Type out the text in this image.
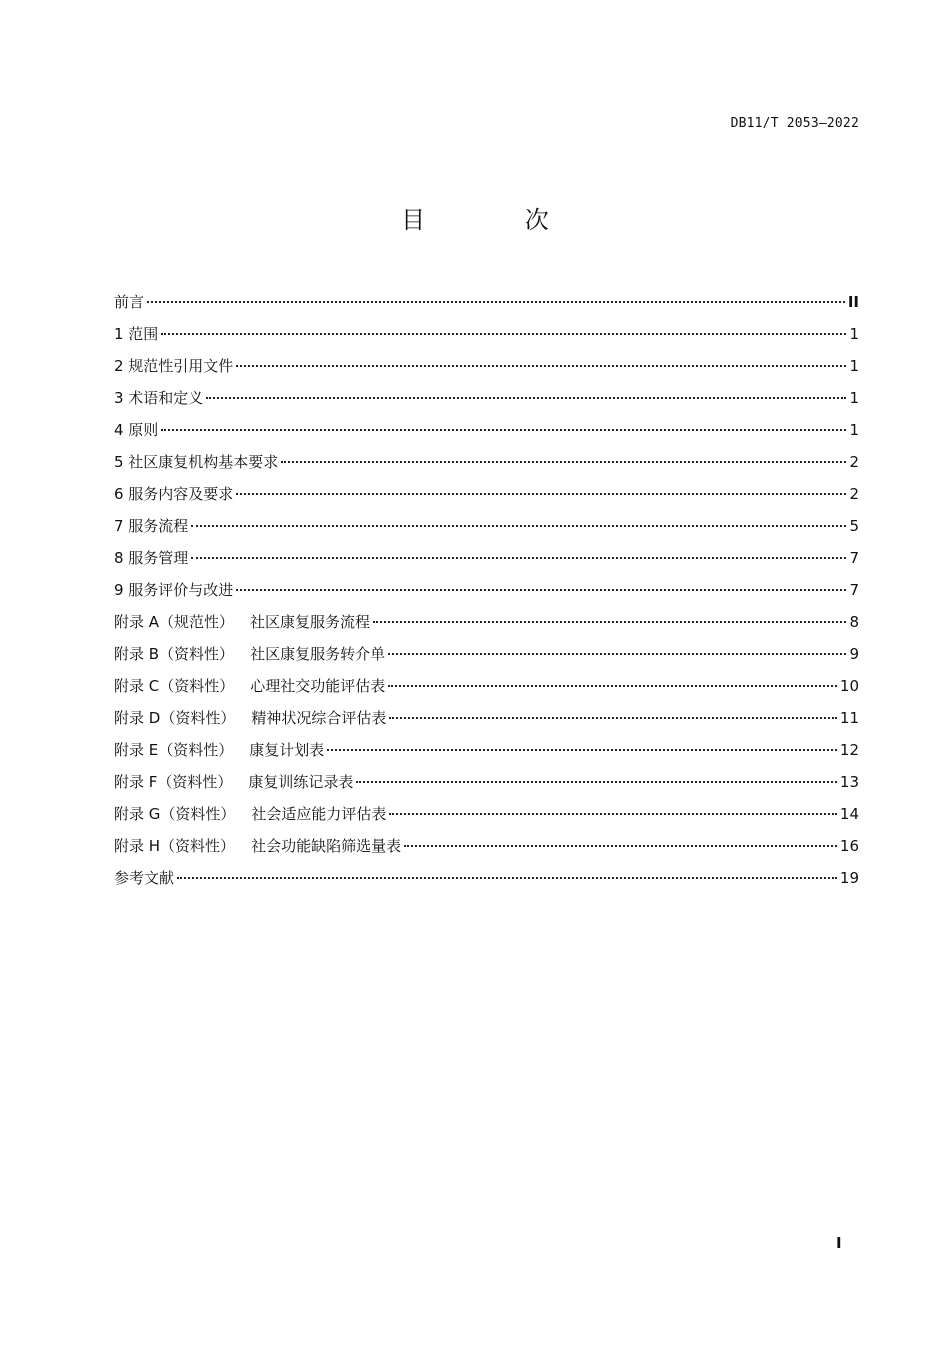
DB11/T 2053—2022
目 次
前言	II
1 范围	1
2 规范性引用文件	1
3 术语和定义	1
4 原则	1
5 社区康复机构基本要求	2
6 服务内容及要求	2
7 服务流程	5
8 服务管理	7
9 服务评价与改进	7
附录 A（规范性） 社区康复服务流程	8
附录 B（资料性） 社区康复服务转介单	9
附录 C（资料性） 心理社交功能评估表	10
附录 D（资料性） 精神状况综合评估表	11
附录 E（资料性） 康复计划表	12
附录 F（资料性） 康复训练记录表	13
附录 G（资料性） 社会适应能力评估表	14
附录 H（资料性） 社会功能缺陷筛选量表	16
参考文献	19
I
